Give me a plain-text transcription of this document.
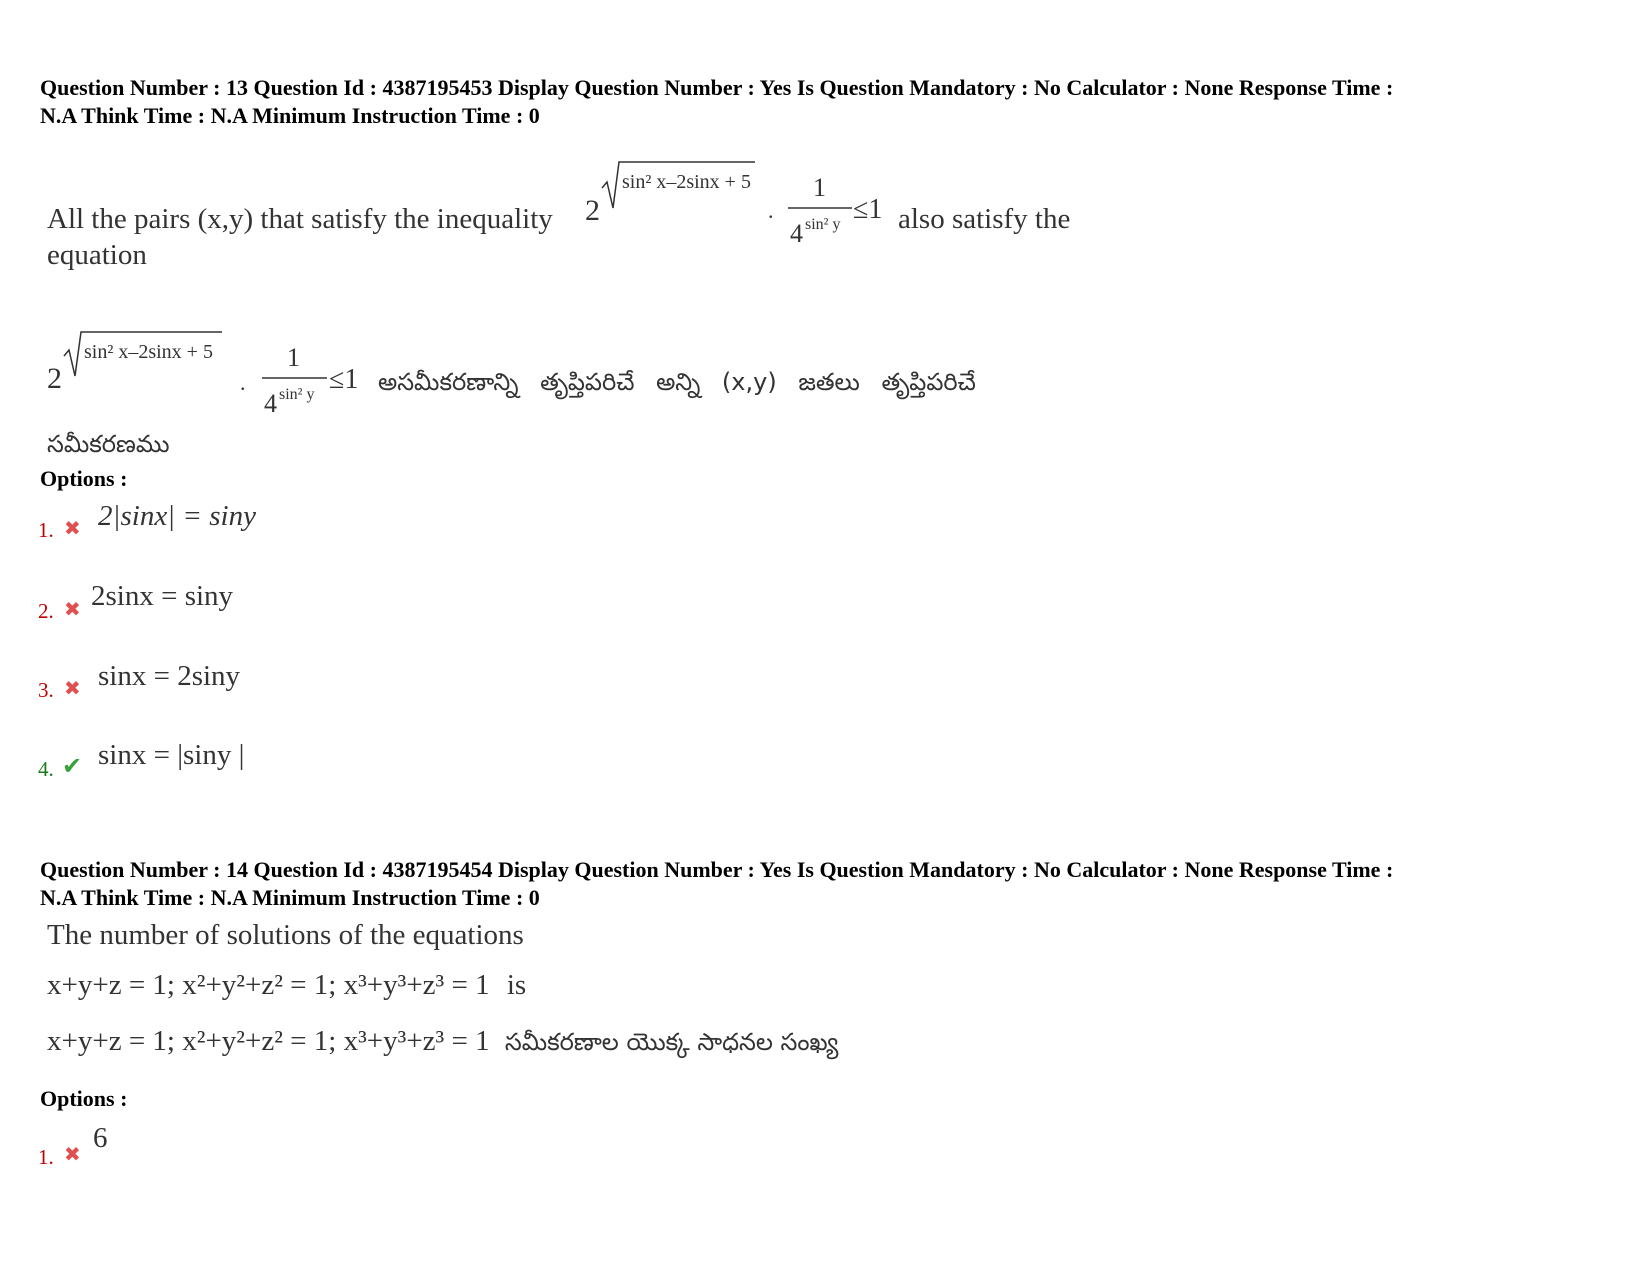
Question Number : 13 Question Id : 4387195453 Display Question Number : Yes Is Question Mandatory : No Calculator : None Response Time :
N.A Think Time : N.A Minimum Instruction Time : 0
All the pairs (x,y) that satisfy the inequality 2
sin² x–2sinx + 5
.
1
4 sin² y ≤1 also satisfy the
equation
2
sin² x–2sinx + 5
.
1
4 sin² y ≤1 అసమీకరణాన్ని తృప్తిపరిచే అన్ని (x,y) జతలు తృప్తిపరిచే
సమీకరణము
Options :
1. ✖ 2|sinx| = siny
2. ✖ 2sinx = siny
3. ✖ sinx = 2siny
4. ✔ sinx = |siny |
Question Number : 14 Question Id : 4387195454 Display Question Number : Yes Is Question Mandatory : No Calculator : None Response Time :
N.A Think Time : N.A Minimum Instruction Time : 0
The number of solutions of the equations
x+y+z = 1; x²+y²+z² = 1; x³+y³+z³ = 1 is
x+y+z = 1; x²+y²+z² = 1; x³+y³+z³ = 1 సమీకరణాల యొక్క సాధనల సంఖ్య
Options :
1. ✖ 6
